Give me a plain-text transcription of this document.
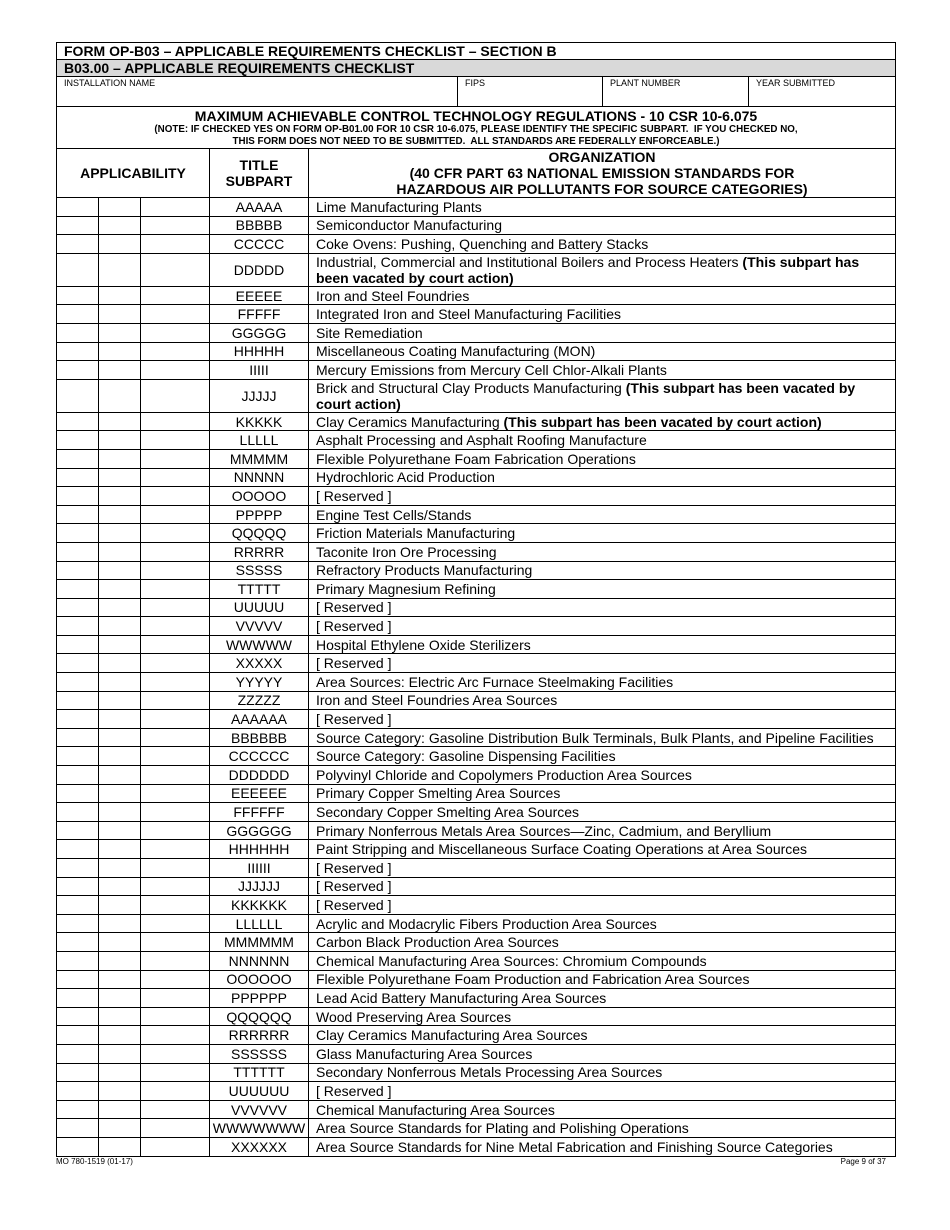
FORM OP-B03 – APPLICABLE REQUIREMENTS CHECKLIST – SECTION B							
B03.00 – APPLICABLE REQUIREMENTS CHECKLIST							
INSTALLATION NAME					FIPS	PLANT NUMBER	YEAR SUBMITTED

MAXIMUM ACHIEVABLE CONTROL TECHNOLOGY REGULATIONS - 10 CSR 10-6.075
(NOTE: IF CHECKED YES ON FORM OP-B01.00 FOR 10 CSR 10-6.075, PLEASE IDENTIFY THE SPECIFIC SUBPART.  IF YOU CHECKED NO,
THIS FORM DOES NOT NEED TO BE SUBMITTED.  ALL STANDARDS ARE FEDERALLY ENFORCEABLE.)							

APPLICABILITY			TITLE
SUBPART	ORGANIZATION
(40 CFR PART 63 NATIONAL EMISSION STANDARDS FOR
HAZARDOUS AIR POLLUTANTS FOR SOURCE CATEGORIES)			

			AAAAA	Lime Manufacturing Plants			
			BBBBB	Semiconductor Manufacturing			
			CCCCC	Coke Ovens: Pushing, Quenching and Battery Stacks			
			DDDDD	Industrial, Commercial and Institutional Boilers and Process Heaters (This subpart has been vacated by court action)			
			EEEEE	Iron and Steel Foundries			
			FFFFF	Integrated Iron and Steel Manufacturing Facilities			
			GGGGG	Site Remediation			
			HHHHH	Miscellaneous Coating Manufacturing (MON)			
			IIIII	Mercury Emissions from Mercury Cell Chlor-Alkali Plants			
			JJJJJ	Brick and Structural Clay Products Manufacturing (This subpart has been vacated by court action)			
			KKKKK	Clay Ceramics Manufacturing (This subpart has been vacated by court action)			
			LLLLL	Asphalt Processing and Asphalt Roofing Manufacture			
			MMMMM	Flexible Polyurethane Foam Fabrication Operations			
			NNNNN	Hydrochloric Acid Production			
			OOOOO	[ Reserved ]			
			PPPPP	Engine Test Cells/Stands			
			QQQQQ	Friction Materials Manufacturing			
			RRRRR	Taconite Iron Ore Processing			
			SSSSS	Refractory Products Manufacturing			
			TTTTT	Primary Magnesium Refining			
			UUUUU	[ Reserved ]			
			VVVVV	[ Reserved ]			
			WWWWW	Hospital Ethylene Oxide Sterilizers			
			XXXXX	[ Reserved ]			
			YYYYY	Area Sources: Electric Arc Furnace Steelmaking Facilities			
			ZZZZZ	Iron and Steel Foundries Area Sources			
			AAAAAA	[ Reserved ]			
			BBBBBB	Source Category: Gasoline Distribution Bulk Terminals, Bulk Plants, and Pipeline Facilities			
			CCCCCC	Source Category: Gasoline Dispensing Facilities			
			DDDDDD	Polyvinyl Chloride and Copolymers Production Area Sources			
			EEEEEE	Primary Copper Smelting Area Sources			
			FFFFFF	Secondary Copper Smelting Area Sources			
			GGGGGG	Primary Nonferrous Metals Area Sources—Zinc, Cadmium, and Beryllium			
			HHHHHH	Paint Stripping and Miscellaneous Surface Coating Operations at Area Sources			
			IIIIII	[ Reserved ]			
			JJJJJJ	[ Reserved ]			
			KKKKKK	[ Reserved ]			
			LLLLLL	Acrylic and Modacrylic Fibers Production Area Sources			
			MMMMMM	Carbon Black Production Area Sources			
			NNNNNN	Chemical Manufacturing Area Sources: Chromium Compounds			
			OOOOOO	Flexible Polyurethane Foam Production and Fabrication Area Sources			
			PPPPPP	Lead Acid Battery Manufacturing Area Sources			
			QQQQQQ	Wood Preserving Area Sources			
			RRRRRR	Clay Ceramics Manufacturing Area Sources			
			SSSSSS	Glass Manufacturing Area Sources			
			TTTTTT	Secondary Nonferrous Metals Processing Area Sources			
			UUUUUU	[ Reserved ]			
			VVVVVV	Chemical Manufacturing Area Sources			
			WWWWWWW	Area Source Standards for Plating and Polishing Operations			
			XXXXXX	Area Source Standards for Nine Metal Fabrication and Finishing Source Categories			
MO 780-1519 (01-17)	Page 9 of 37
